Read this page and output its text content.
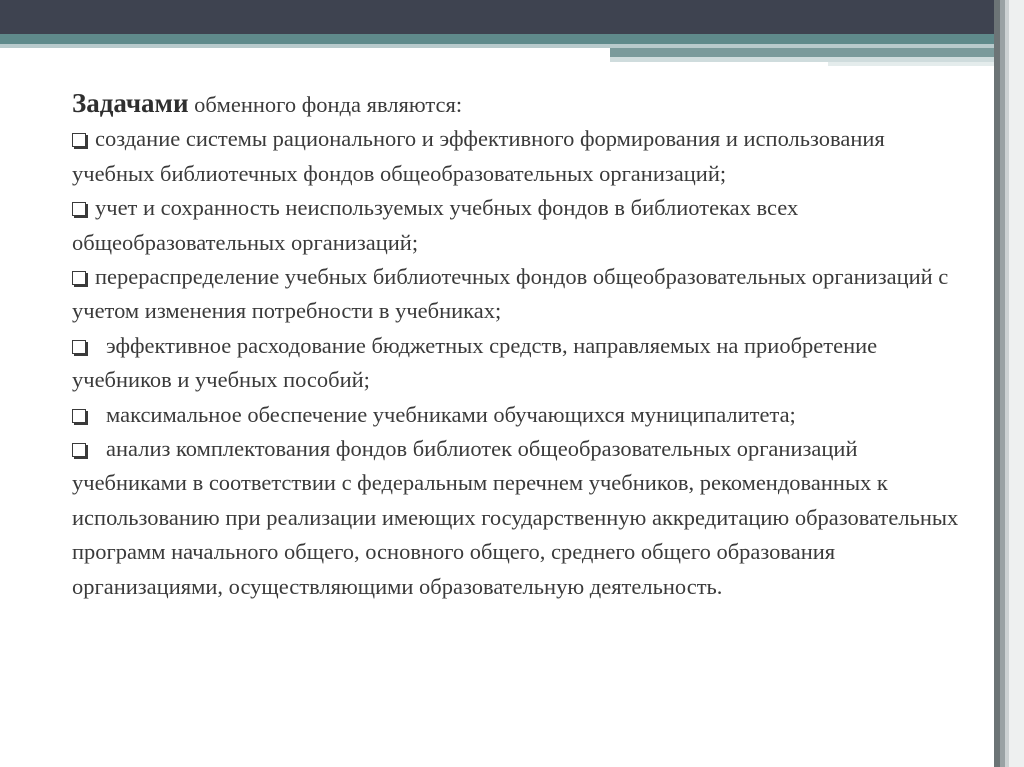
Задачами обменного фонда являются:

создание системы рационального и эффективного формирования и использования учебных библиотечных фондов общеобразовательных организаций;
учет и сохранность неиспользуемых учебных фондов в библиотеках всех общеобразовательных организаций;
перераспределение учебных библиотечных фондов общеобразовательных организаций с учетом изменения потребности в учебниках;
эффективное расходование бюджетных средств, направляемых на приобретение учебников и учебных пособий;
максимальное обеспечение учебниками обучающихся муниципалитета;
анализ комплектования фондов библиотек общеобразовательных организаций учебниками в соответствии с федеральным перечнем учебников, рекомендованных к использованию при реализации имеющих государственную аккредитацию образовательных программ начального общего, основного общего, среднего общего образования организациями, осуществляющими образовательную деятельность.
